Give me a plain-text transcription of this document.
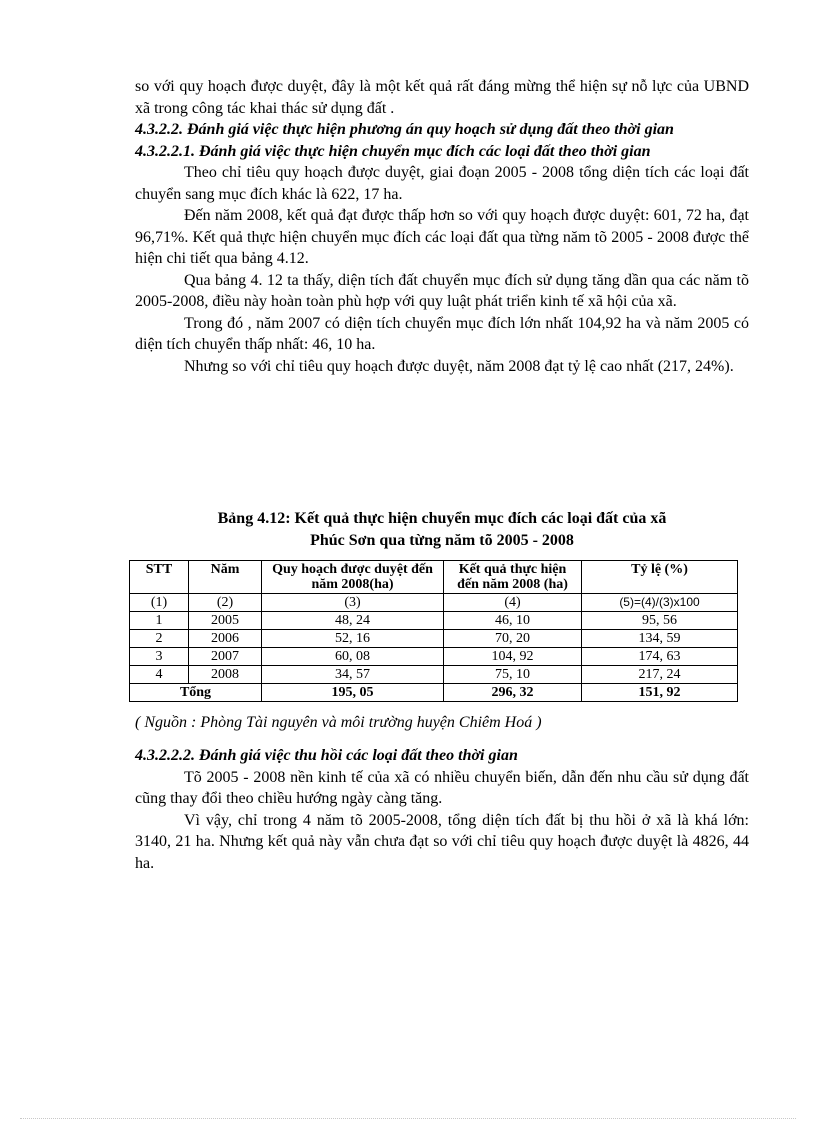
so với quy hoạch được duyệt, đây là một kết quả rất đáng mừng thể hiện sự nỗ lực của UBND xã trong công tác khai thác sử dụng đất .

4.3.2.2. Đánh giá việc thực hiện phương án quy hoạch sử dụng đất theo thời gian

4.3.2.2.1. Đánh giá việc thực hiện chuyển mục đích các loại đất theo thời gian

Theo chỉ tiêu quy hoạch được duyệt, giai đoạn 2005 - 2008 tổng diện tích các loại đất chuyển sang mục đích khác là 622, 17 ha.

Đến năm 2008, kết quả đạt được thấp hơn so với quy hoạch được duyệt: 601, 72 ha, đạt 96,71%. Kết quả thực hiện chuyển mục đích các loại đất qua từng năm tõ 2005 - 2008 được thể hiện chi tiết qua bảng 4.12.

Qua bảng 4. 12 ta thấy, diện tích đất chuyển mục đích sử dụng tăng dần qua các năm tõ 2005-2008, điều này hoàn toàn phù hợp với quy luật phát triển kinh tế xã hội của xã.

Trong đó , năm 2007 có diện tích chuyển mục đích lớn nhất 104,92 ha và năm 2005 có diện tích chuyển thấp nhất: 46, 10 ha.

Nhưng so với chỉ tiêu quy hoạch được duyệt, năm 2008 đạt tỷ lệ cao nhất (217, 24%).

Bảng 4.12: Kết quả thực hiện chuyển mục đích các loại đất của xã
Phúc Sơn qua từng năm tõ 2005 - 2008
STT	Năm	Quy hoạch được duyệt đến năm 2008(ha)	Kết quả thực hiện đến năm 2008 (ha)	Tỷ lệ (%)
(1)	(2)	(3)	(4)	(5)=(4)/(3)x100
1	2005	48, 24	46, 10	95, 56
2	2006	52, 16	70, 20	134, 59
3	2007	60, 08	104, 92	174, 63
4	2008	34, 57	75, 10	217, 24
Tổng		195, 05	296, 32	151, 92

( Nguồn : Phòng Tài nguyên và môi trường huyện Chiêm Hoá )

4.3.2.2.2. Đánh giá việc thu hồi các loại đất theo thời gian

Tõ 2005 - 2008 nền kinh tế của xã có nhiều chuyển biến, dẫn đến nhu cầu sử dụng đất cũng thay đổi theo chiều hướng ngày càng tăng.

Vì vậy, chỉ trong 4 năm tõ 2005-2008, tổng diện tích đất bị thu hồi ở xã là khá lớn: 3140, 21 ha. Nhưng kết quả này vẫn chưa đạt so với chỉ tiêu quy hoạch được duyệt là 4826, 44 ha.
